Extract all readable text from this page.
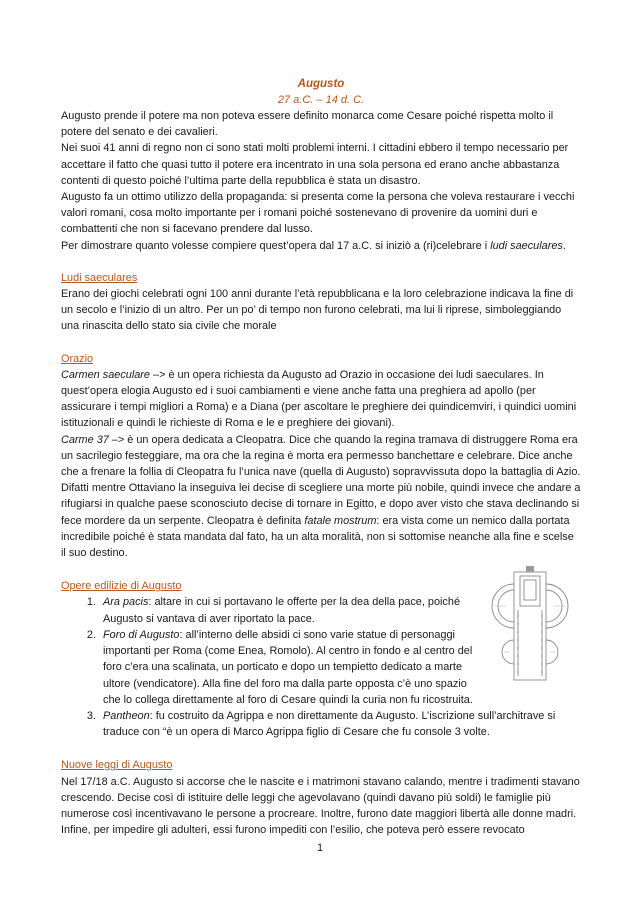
Augusto
27 a.C. – 14 d. C.

Augusto prende il potere ma non poteva essere definito monarca come Cesare poiché rispetta molto il potere del senato e dei cavalieri.

Nei suoi 41 anni di regno non ci sono stati molti problemi interni. I cittadini ebbero il tempo necessario per accettare il fatto che quasi tutto il potere era incentrato in una sola persona ed erano anche abbastanza contenti di questo poiché l’ultima parte della repubblica è stata un disastro.

Augusto fa un ottimo utilizzo della propaganda: si presenta come la persona che voleva restaurare i vecchi valori romani, cosa molto importante per i romani poiché sostenevano di provenire da uomini duri e combattenti che non si facevano prendere dal lusso.

Per dimostrare quanto volesse compiere quest’opera dal 17 a.C. si iniziò a (ri)celebrare i ludi saeculares.

Ludi saeculares

Erano dei giochi celebrati ogni 100 anni durante l’età repubblicana e la loro celebrazione indicava la fine di un secolo e l’inizio di un altro. Per un po’ di tempo non furono celebrati, ma lui li riprese, simboleggiando una rinascita dello stato sia civile che morale

Orazio

Carmen saeculare –> è un opera richiesta da Augusto ad Orazio in occasione dei ludi saeculares. In quest’opera elogia Augusto ed i suoi cambiamenti e viene anche fatta una preghiera ad apollo (per assicurare i tempi migliori a Roma) e a Diana (per ascoltare le preghiere dei quindicemviri, i quindici uomini istituzionali e quindi le richieste di Roma e le e preghiere dei giovani).

Carme 37 –> è un opera dedicata a Cleopatra. Dice che quando la regina tramava di distruggere Roma era un sacrilegio festeggiare, ma ora che la regina è morta era permesso banchettare e celebrare. Dice anche che a frenare la follia di Cleopatra fu l’unica nave (quella di Augusto) sopravvissuta dopo la battaglia di Azio. Difatti mentre Ottaviano la inseguiva lei decise di scegliere una morte più nobile, quindi invece che andare a rifugiarsi in qualche paese sconosciuto decise di tornare in Egitto, e dopo aver visto che stava declinando si fece mordere da un serpente. Cleopatra è definita fatale mostrum: era vista come un nemico dalla portata incredibile poiché è stata mandata dal fato, ha un alta moralità, non si sottomise neanche alla fine e scelse il suo destino.

Opere edilizie di Augusto

1. Ara pacis: altare in cui si portavano le offerte per la dea della pace, poiché Augusto si vantava di aver riportato la pace.
2. Foro di Augusto: all’interno delle absidi ci sono varie statue di personaggi importanti per Roma (come Enea, Romolo). Al centro in fondo e al centro del foro c’era una scalinata, un porticato e dopo un tempietto dedicato a marte ultore (vendicatore). Alla fine del foro ma dalla parte opposta c’è uno spazio che lo collega direttamente al foro di Cesare quindi la curia non fu ricostruita.
3. Pantheon: fu costruito da Agrippa e non direttamente da Augusto. L’iscrizione sull’architrave si traduce con “è un opera di Marco Agrippa figlio di Cesare che fu console 3 volte.

Nuove leggi di Augusto

Nel 17/18 a.C. Augusto si accorse che le nascite e i matrimoni stavano calando, mentre i tradimenti stavano crescendo. Decise così di istituire delle leggi che agevolavano (quindi davano più soldi) le famiglie più numerose così incentivavano le persone a procreare. Inoltre, furono date maggiori libertà alle donne madri. Infine, per impedire gli adulteri, essi furono impediti con l’esilio, che poteva però essere revocato

1
